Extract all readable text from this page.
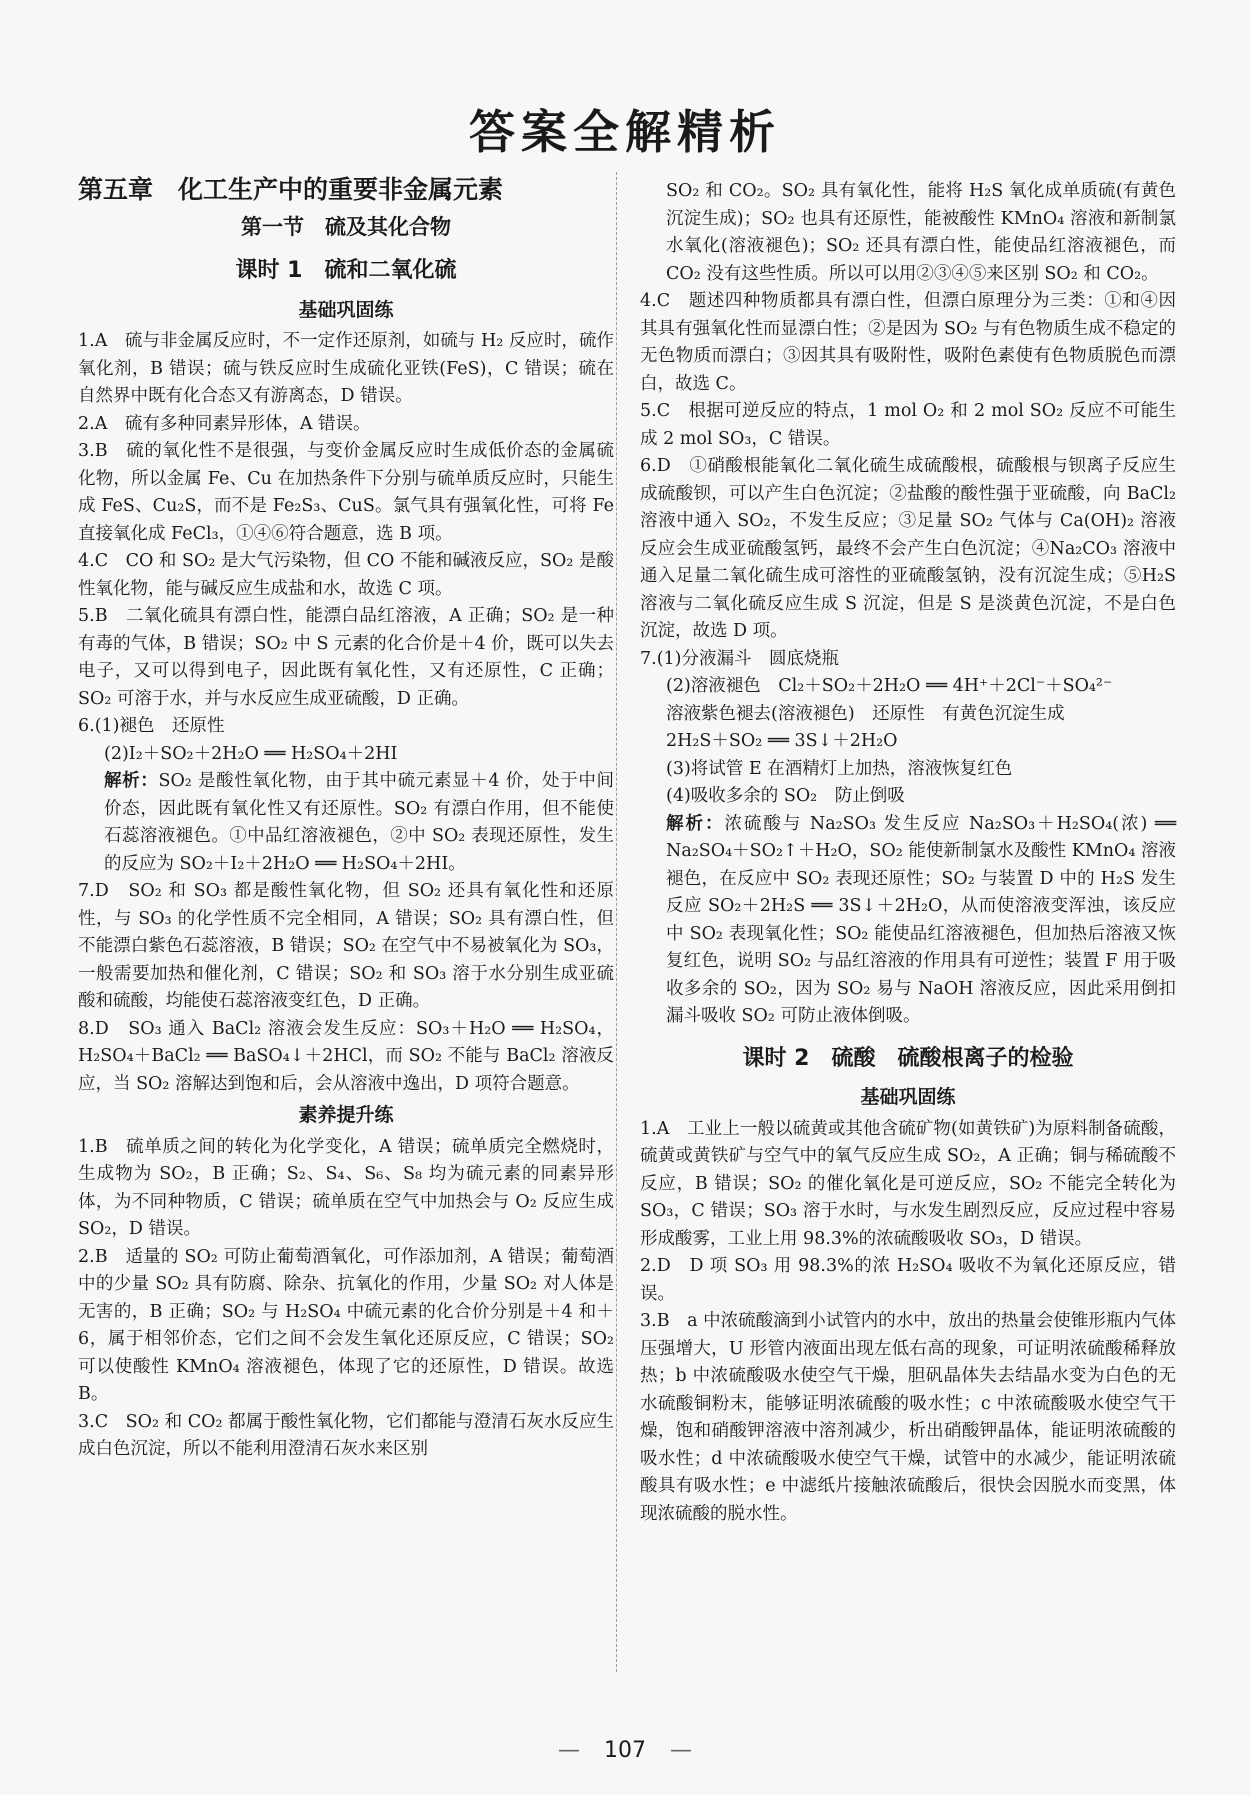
答案全解精析
第五章　化工生产中的重要非金属元素
第一节　硫及其化合物
课时 1　硫和二氧化硫
基础巩固练
1.A　硫与非金属反应时，不一定作还原剂，如硫与 H₂ 反应时，硫作氧化剂，B 错误；硫与铁反应时生成硫化亚铁(FeS)，C 错误；硫在自然界中既有化合态又有游离态，D 错误。
2.A　硫有多种同素异形体，A 错误。
3.B　硫的氧化性不是很强，与变价金属反应时生成低价态的金属硫化物，所以金属 Fe、Cu 在加热条件下分别与硫单质反应时，只能生成 FeS、Cu₂S，而不是 Fe₂S₃、CuS。氯气具有强氧化性，可将 Fe 直接氧化成 FeCl₃，①④⑥符合题意，选 B 项。
4.C　CO 和 SO₂ 是大气污染物，但 CO 不能和碱液反应，SO₂ 是酸性氧化物，能与碱反应生成盐和水，故选 C 项。
5.B　二氧化硫具有漂白性，能漂白品红溶液，A 正确；SO₂ 是一种有毒的气体，B 错误；SO₂ 中 S 元素的化合价是＋4 价，既可以失去电子，又可以得到电子，因此既有氧化性，又有还原性，C 正确；SO₂ 可溶于水，并与水反应生成亚硫酸，D 正确。
6.(1)褪色　还原性
(2)I₂＋SO₂＋2H₂O ══ H₂SO₄＋2HI
解析：SO₂ 是酸性氧化物，由于其中硫元素显＋4 价，处于中间价态，因此既有氧化性又有还原性。SO₂ 有漂白作用，但不能使石蕊溶液褪色。①中品红溶液褪色，②中 SO₂ 表现还原性，发生的反应为 SO₂＋I₂＋2H₂O ══ H₂SO₄＋2HI。
7.D　SO₂ 和 SO₃ 都是酸性氧化物，但 SO₂ 还具有氧化性和还原性，与 SO₃ 的化学性质不完全相同，A 错误；SO₂ 具有漂白性，但不能漂白紫色石蕊溶液，B 错误；SO₂ 在空气中不易被氧化为 SO₃，一般需要加热和催化剂，C 错误；SO₂ 和 SO₃ 溶于水分别生成亚硫酸和硫酸，均能使石蕊溶液变红色，D 正确。
8.D　SO₃ 通入 BaCl₂ 溶液会发生反应：SO₃＋H₂O ══ H₂SO₄，H₂SO₄＋BaCl₂ ══ BaSO₄↓＋2HCl，而 SO₂ 不能与 BaCl₂ 溶液反应，当 SO₂ 溶解达到饱和后，会从溶液中逸出，D 项符合题意。
素养提升练
1.B　硫单质之间的转化为化学变化，A 错误；硫单质完全燃烧时，生成物为 SO₂，B 正确；S₂、S₄、S₆、S₈ 均为硫元素的同素异形体，为不同种物质，C 错误；硫单质在空气中加热会与 O₂ 反应生成 SO₂，D 错误。
2.B　适量的 SO₂ 可防止葡萄酒氧化，可作添加剂，A 错误；葡萄酒中的少量 SO₂ 具有防腐、除杂、抗氧化的作用，少量 SO₂ 对人体是无害的，B 正确；SO₂ 与 H₂SO₄ 中硫元素的化合价分别是＋4 和＋6，属于相邻价态，它们之间不会发生氧化还原反应，C 错误；SO₂ 可以使酸性 KMnO₄ 溶液褪色，体现了它的还原性，D 错误。故选 B。
3.C　SO₂ 和 CO₂ 都属于酸性氧化物，它们都能与澄清石灰水反应生成白色沉淀，所以不能利用澄清石灰水来区别
SO₂ 和 CO₂。SO₂ 具有氧化性，能将 H₂S 氧化成单质硫(有黄色沉淀生成)；SO₂ 也具有还原性，能被酸性 KMnO₄ 溶液和新制氯水氧化(溶液褪色)；SO₂ 还具有漂白性，能使品红溶液褪色，而 CO₂ 没有这些性质。所以可以用②③④⑤来区别 SO₂ 和 CO₂。
4.C　题述四种物质都具有漂白性，但漂白原理分为三类：①和④因其具有强氧化性而显漂白性；②是因为 SO₂ 与有色物质生成不稳定的无色物质而漂白；③因其具有吸附性，吸附色素使有色物质脱色而漂白，故选 C。
5.C　根据可逆反应的特点，1 mol O₂ 和 2 mol SO₂ 反应不可能生成 2 mol SO₃，C 错误。
6.D　①硝酸根能氧化二氧化硫生成硫酸根，硫酸根与钡离子反应生成硫酸钡，可以产生白色沉淀；②盐酸的酸性强于亚硫酸，向 BaCl₂ 溶液中通入 SO₂，不发生反应；③足量 SO₂ 气体与 Ca(OH)₂ 溶液反应会生成亚硫酸氢钙，最终不会产生白色沉淀；④Na₂CO₃ 溶液中通入足量二氧化硫生成可溶性的亚硫酸氢钠，没有沉淀生成；⑤H₂S 溶液与二氧化硫反应生成 S 沉淀，但是 S 是淡黄色沉淀，不是白色沉淀，故选 D 项。
7.(1)分液漏斗　圆底烧瓶
(2)溶液褪色　Cl₂＋SO₂＋2H₂O ══ 4H⁺＋2Cl⁻＋SO₄²⁻
溶液紫色褪去(溶液褪色)　还原性　有黄色沉淀生成
2H₂S＋SO₂ ══ 3S↓＋2H₂O
(3)将试管 E 在酒精灯上加热，溶液恢复红色
(4)吸收多余的 SO₂　防止倒吸
解析：浓硫酸与 Na₂SO₃ 发生反应 Na₂SO₃＋H₂SO₄(浓) ══ Na₂SO₄＋SO₂↑＋H₂O，SO₂ 能使新制氯水及酸性 KMnO₄ 溶液褪色，在反应中 SO₂ 表现还原性；SO₂ 与装置 D 中的 H₂S 发生反应 SO₂＋2H₂S ══ 3S↓＋2H₂O，从而使溶液变浑浊，该反应中 SO₂ 表现氧化性；SO₂ 能使品红溶液褪色，但加热后溶液又恢复红色，说明 SO₂ 与品红溶液的作用具有可逆性；装置 F 用于吸收多余的 SO₂，因为 SO₂ 易与 NaOH 溶液反应，因此采用倒扣漏斗吸收 SO₂ 可防止液体倒吸。
课时 2　硫酸　硫酸根离子的检验
基础巩固练
1.A　工业上一般以硫黄或其他含硫矿物(如黄铁矿)为原料制备硫酸，硫黄或黄铁矿与空气中的氧气反应生成 SO₂，A 正确；铜与稀硫酸不反应，B 错误；SO₂ 的催化氧化是可逆反应，SO₂ 不能完全转化为 SO₃，C 错误；SO₃ 溶于水时，与水发生剧烈反应，反应过程中容易形成酸雾，工业上用 98.3%的浓硫酸吸收 SO₃，D 错误。
2.D　D 项 SO₃ 用 98.3%的浓 H₂SO₄ 吸收不为氧化还原反应，错误。
3.B　a 中浓硫酸滴到小试管内的水中，放出的热量会使锥形瓶内气体压强增大，U 形管内液面出现左低右高的现象，可证明浓硫酸稀释放热；b 中浓硫酸吸水使空气干燥，胆矾晶体失去结晶水变为白色的无水硫酸铜粉末，能够证明浓硫酸的吸水性；c 中浓硫酸吸水使空气干燥，饱和硝酸钾溶液中溶剂减少，析出硝酸钾晶体，能证明浓硫酸的吸水性；d 中浓硫酸吸水使空气干燥，试管中的水减少，能证明浓硫酸具有吸水性；e 中滤纸片接触浓硫酸后，很快会因脱水而变黑，体现浓硫酸的脱水性。
— 107 —
